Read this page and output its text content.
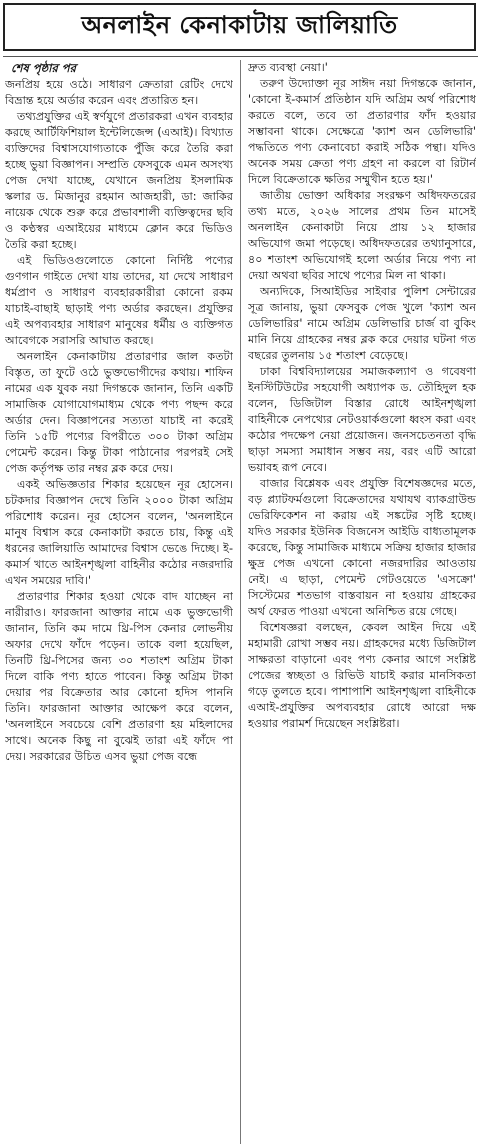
অনলাইন কেনাকাটায় জালিয়াতি
শেষ পৃষ্ঠার পর

জনপ্রিয় হয়ে ওঠে। সাধারণ ক্রেতারা রেটিং দেখে বিভ্রান্ত হয়ে অর্ডার করেন এবং প্রতারিত হন।

তথ্যপ্রযুক্তির এই স্বর্ণযুগে প্রতারকরা এখন ব্যবহার করছে আর্টিফিশিয়াল ইন্টেলিজেন্স (এআই)। বিখ্যাত ব্যক্তিদের বিশ্বাসযোগ্যতাকে পুঁজি করে তৈরি করা হচ্ছে ভুয়া বিজ্ঞাপন। সম্প্রতি ফেসবুকে এমন অসংখ্য পেজ দেখা যাচ্ছে, যেখানে জনপ্রিয় ইসলামিক স্কলার ড. মিজানুর রহমান আজহারী, ডা: জাকির নায়েক থেকে শুরু করে প্রভাবশালী ব্যক্তিত্বদের ছবি ও কণ্ঠস্বর এআইয়ের মাধ্যমে ক্লোন করে ভিডিও তৈরি করা হচ্ছে।

এই ভিডিওগুলোতে কোনো নির্দিষ্ট পণ্যের গুণগান গাইতে দেখা যায় তাদের, যা দেখে সাধারণ ধর্মপ্রাণ ও সাধারণ ব্যবহারকারীরা কোনো রকম যাচাই-বাছাই ছাড়াই পণ্য অর্ডার করছেন। প্রযুক্তির এই অপব্যবহার সাধারণ মানুষের ধর্মীয় ও ব্যক্তিগত আবেগকে সরাসরি আঘাত করছে।

অনলাইন কেনাকাটায় প্রতারণার জাল কতটা বিস্তৃত, তা ফুটে ওঠে ভুক্তভোগীদের কথায়। শাফিন নামের এক যুবক নয়া দিগন্তকে জানান, তিনি একটি সামাজিক যোগাযোগমাধ্যম থেকে পণ্য পছন্দ করে অর্ডার দেন। বিজ্ঞাপনের সত্যতা যাচাই না করেই তিনি ১৫টি পণ্যের বিপরীতে ৩০০ টাকা অগ্রিম পেমেন্ট করেন। কিন্তু টাকা পাঠানোর পরপরই সেই পেজ কর্তৃপক্ষ তার নম্বর ব্লক করে দেয়।

একই অভিজ্ঞতার শিকার হয়েছেন নূর হোসেন। চটকদার বিজ্ঞাপন দেখে তিনি ২০০০ টাকা অগ্রিম পরিশোধ করেন। নূর হোসেন বলেন, 'অনলাইনে মানুষ বিশ্বাস করে কেনাকাটা করতে চায়, কিন্তু এই ধরনের জালিয়াতি আমাদের বিশ্বাস ভেঙে দিচ্ছে। ই-কমার্স খাতে আইনশৃঙ্খলা বাহিনীর কঠোর নজরদারি এখন সময়ের দাবি।'

প্রতারণার শিকার হওয়া থেকে বাদ যাচ্ছেন না নারীরাও। ফারজানা আক্তার নামে এক ভুক্তভোগী জানান, তিনি কম দামে থ্রি-পিস কেনার লোভনীয় অফার দেখে ফাঁদে পড়েন। তাকে বলা হয়েছিল, তিনটি থ্রি-পিসের জন্য ৩০ শতাংশ অগ্রিম টাকা দিলে বাকি পণ্য হাতে পাবেন। কিন্তু অগ্রিম টাকা দেয়ার পর বিক্রেতার আর কোনো হদিস পাননি তিনি। ফারজানা আক্তার আক্ষেপ করে বলেন, 'অনলাইনে সবচেয়ে বেশি প্রতারণা হয় মহিলাদের সাথে। অনেক কিছু না বুঝেই তারা এই ফাঁদে পা দেয়। সরকারের উচিত এসব ভুয়া পেজ বন্ধে

দ্রুত ব্যবস্থা নেয়া।'

তরুণ উদ্যোক্তা নূর সাঈদ নয়া দিগন্তকে জানান, 'কোনো ই-কমার্স প্রতিষ্ঠান যদি অগ্রিম অর্থ পরিশোধ করতে বলে, তবে তা প্রতারণার ফাঁদ হওয়ার সম্ভাবনা থাকে। সেক্ষেত্রে 'ক্যাশ অন ডেলিভারি' পদ্ধতিতে পণ্য কেনাবেচা করাই সঠিক পন্থা। যদিও অনেক সময় ক্রেতা পণ্য গ্রহণ না করলে বা রিটার্ন দিলে বিক্রেতাকে ক্ষতির সম্মুখীন হতে হয়।'

জাতীয় ভোক্তা অধিকার সংরক্ষণ অধিদফতরের তথ্য মতে, ২০২৬ সালের প্রথম তিন মাসেই অনলাইন কেনাকাটা নিয়ে প্রায় ১২ হাজার অভিযোগ জমা পড়েছে। অধিদফতরের তথ্যানুসারে, ৪০ শতাংশ অভিযোগই হলো অর্ডার নিয়ে পণ্য না দেয়া অথবা ছবির সাথে পণ্যের মিল না থাকা।

অন্যদিকে, সিআইডির সাইবার পুলিশ সেন্টারের সূত্র জানায়, ভুয়া ফেসবুক পেজ খুলে 'ক্যাশ অন ডেলিভারির' নামে অগ্রিম ডেলিভারি চার্জ বা বুকিং মানি নিয়ে গ্রাহকের নম্বর ব্লক করে দেয়ার ঘটনা গত বছরের তুলনায় ১৫ শতাংশ বেড়েছে।

ঢাকা বিশ্ববিদ্যালয়ের সমাজকল্যাণ ও গবেষণা ইনস্টিটিউটের সহযোগী অধ্যাপক ড. তৌহিদুল হক বলেন, ডিজিটাল বিস্তার রোধে আইনশৃঙ্খলা বাহিনীকে নেপথ্যের নেটওয়ার্কগুলো ধ্বংস করা এবং কঠোর পদক্ষেপ নেয়া প্রয়োজন। জনসচেতনতা বৃদ্ধি ছাড়া সমস্যা সমাধান সম্ভব নয়, বরং এটি আরো ভয়াবহ রূপ নেবে।

বাজার বিশ্লেষক এবং প্রযুক্তি বিশেষজ্ঞদের মতে, বড় প্ল্যাটফর্মগুলো বিক্রেতাদের যথাযথ ব্যাকগ্রাউন্ড ভেরিফিকেশন না করায় এই সঙ্কটের সৃষ্টি হচ্ছে। যদিও সরকার ইউনিক বিজনেস আইডি বাধ্যতামূলক করেছে, কিন্তু সামাজিক মাধ্যমে সক্রিয় হাজার হাজার ক্ষুদ্র পেজ এখনো কোনো নজরদারির আওতায় নেই। এ ছাড়া, পেমেন্ট গেটওয়েতে 'এসক্রো' সিস্টেমের শতভাগ বাস্তবায়ন না হওয়ায় গ্রাহকের অর্থ ফেরত পাওয়া এখনো অনিশ্চিত রয়ে গেছে।

বিশেষজ্ঞরা বলছেন, কেবল আইন দিয়ে এই মহামারী রোখা সম্ভব নয়। গ্রাহকদের মধ্যে ডিজিটাল সাক্ষরতা বাড়ানো এবং পণ্য কেনার আগে সংশ্লিষ্ট পেজের স্বচ্ছতা ও রিভিউ যাচাই করার মানসিকতা গড়ে তুলতে হবে। পাশাপাশি আইনশৃঙ্খলা বাহিনীকে এআই-প্রযুক্তির অপব্যবহার রোধে আরো দক্ষ হওয়ার পরামর্শ দিয়েছেন সংশ্লিষ্টরা।
